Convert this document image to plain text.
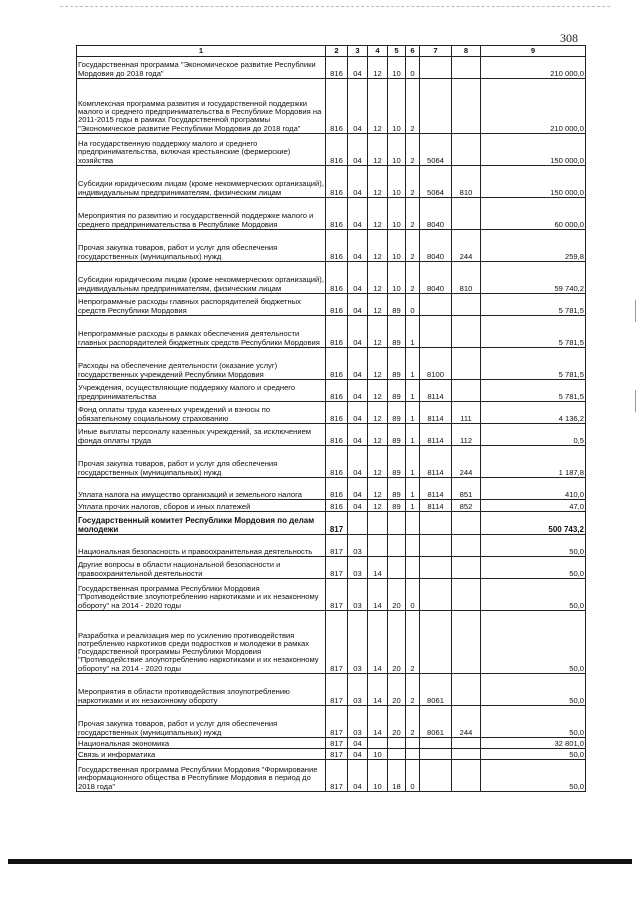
308
1	2	3	4	5	6	7	8	9
Государственная программа "Экономическое развитие Республики Мордовия до 2018 года"	816	04	12	10	0			210 000,0
Комплексная программа развития и государственной поддержки малого и среднего предпринимательства в Республике Мордовия на 2011-2015 годы в рамках Государственной программы "Экономическое развитие Республики Мордовия до 2018 года"	816	04	12	10	2			210 000,0
На государственную поддержку малого и среднего предпринимательства, включая крестьянские (фермерские) хозяйства	816	04	12	10	2	5064		150 000,0
Субсидии юридическим лицам (кроме некоммерческих организаций), индивидуальным предпринимателям, физическим лицам	816	04	12	10	2	5064	810	150 000,0
Мероприятия по развитию и государственной поддержке малого и среднего предпринимательства в Республике Мордовия	816	04	12	10	2	8040		60 000,0
Прочая закупка товаров, работ и услуг для обеспечения государственных (муниципальных) нужд	816	04	12	10	2	8040	244	259,8
Субсидии юридическим лицам (кроме некоммерческих организаций), индивидуальным предпринимателям, физическим лицам	816	04	12	10	2	8040	810	59 740,2
Непрограммные расходы главных распорядителей бюджетных средств Республики Мордовия	816	04	12	89	0			5 781,5
Непрограммные расходы в рамках обеспечения деятельности главных распорядителей бюджетных средств Республики Мордовия	816	04	12	89	1			5 781,5
Расходы на обеспечение деятельности (оказание услуг) государственных учреждений Республики Мордовия	816	04	12	89	1	8100		5 781,5
Учреждения, осуществляющие поддержку малого и среднего предпринимательства	816	04	12	89	1	8114		5 781,5
Фонд оплаты труда казенных учреждений и взносы по обязательному социальному страхованию	816	04	12	89	1	8114	111	4 136,2
Иные выплаты персоналу казенных учреждений, за исключением фонда оплаты труда	816	04	12	89	1	8114	112	0,5
Прочая закупка товаров, работ и услуг для обеспечения государственных (муниципальных) нужд	816	04	12	89	1	8114	244	1 187,8
Уплата налога на имущество организаций и земельного налога	816	04	12	89	1	8114	851	410,0
Уплата прочих налогов, сборов и иных платежей	816	04	12	89	1	8114	852	47,0
Государственный комитет Республики Мордовия по делам молодежи	817							500 743,2
Национальная безопасность и правоохранительная деятельность	817	03						50,0
Другие вопросы в области национальной безопасности и правоохранительной деятельности	817	03	14					50,0
Государственная программа Республики Мордовия "Противодействие злоупотреблению наркотиками и их незаконному обороту" на 2014 - 2020 годы	817	03	14	20	0			50,0
Разработка и реализация мер по усилению противодействия потреблению наркотиков среди подростков и молодежи в рамках Государственной программы Республики Мордовия "Противодействие злоупотреблению наркотиками и их незаконному обороту" на 2014 - 2020 годы	817	03	14	20	2			50,0
Мероприятия в области противодействия злоупотреблению наркотиками и их незаконному обороту	817	03	14	20	2	8061		50,0
Прочая закупка товаров, работ и услуг для обеспечения государственных (муниципальных) нужд	817	03	14	20	2	8061	244	50,0
Национальная экономика	817	04						32 801,0
Связь и информатика	817	04	10					50,0
Государственная программа Республики Мордовия "Формирование информационного общества в Республике Мордовия в период до 2018 года"	817	04	10	18	0			50,0
